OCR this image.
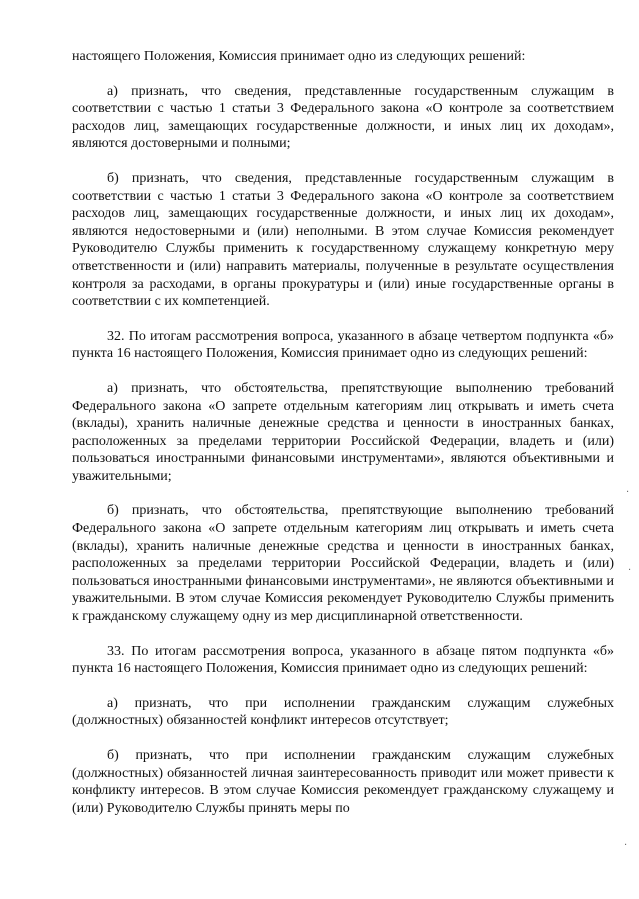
настоящего Положения, Комиссия принимает одно из следующих решений:

а) признать, что сведения, представленные государственным служащим в соответствии с частью 1 статьи 3 Федерального закона «О контроле за соответствием расходов лиц, замещающих государственные должности, и иных лиц их доходам», являются достоверными и полными;

б) признать, что сведения, представленные государственным служащим в соответствии с частью 1 статьи 3 Федерального закона «О контроле за соответствием расходов лиц, замещающих государственные должности, и иных лиц их доходам», являются недостоверными и (или) неполными. В этом случае Комиссия рекомендует Руководителю Службы применить к государственному служащему конкретную меру ответственности и (или) направить материалы, полученные в результате осуществления контроля за расходами, в органы прокуратуры и (или) иные государственные органы в соответствии с их компетенцией.

32. По итогам рассмотрения вопроса, указанного в абзаце четвертом подпункта «б» пункта 16 настоящего Положения, Комиссия принимает одно из следующих решений:

а) признать, что обстоятельства, препятствующие выполнению требований Федерального закона «О запрете отдельным категориям лиц открывать и иметь счета (вклады), хранить наличные денежные средства и ценности в иностранных банках, расположенных за пределами территории Российской Федерации, владеть и (или) пользоваться иностранными финансовыми инструментами», являются объективными и уважительными;

б) признать, что обстоятельства, препятствующие выполнению требований Федерального закона «О запрете отдельным категориям лиц открывать и иметь счета (вклады), хранить наличные денежные средства и ценности в иностранных банках, расположенных за пределами территории Российской Федерации, владеть и (или) пользоваться иностранными финансовыми инструментами», не являются объективными и уважительными. В этом случае Комиссия рекомендует Руководителю Службы применить к гражданскому служащему одну из мер дисциплинарной ответственности.

33. По итогам рассмотрения вопроса, указанного в абзаце пятом подпункта «б» пункта 16 настоящего Положения, Комиссия принимает одно из следующих решений:

а) признать, что при исполнении гражданским служащим служебных (должностных) обязанностей конфликт интересов отсутствует;

б) признать, что при исполнении гражданским служащим служебных (должностных) обязанностей личная заинтересованность приводит или может привести к конфликту интересов. В этом случае Комиссия рекомендует гражданскому служащему и (или) Руководителю Службы принять меры по

·
·
·
